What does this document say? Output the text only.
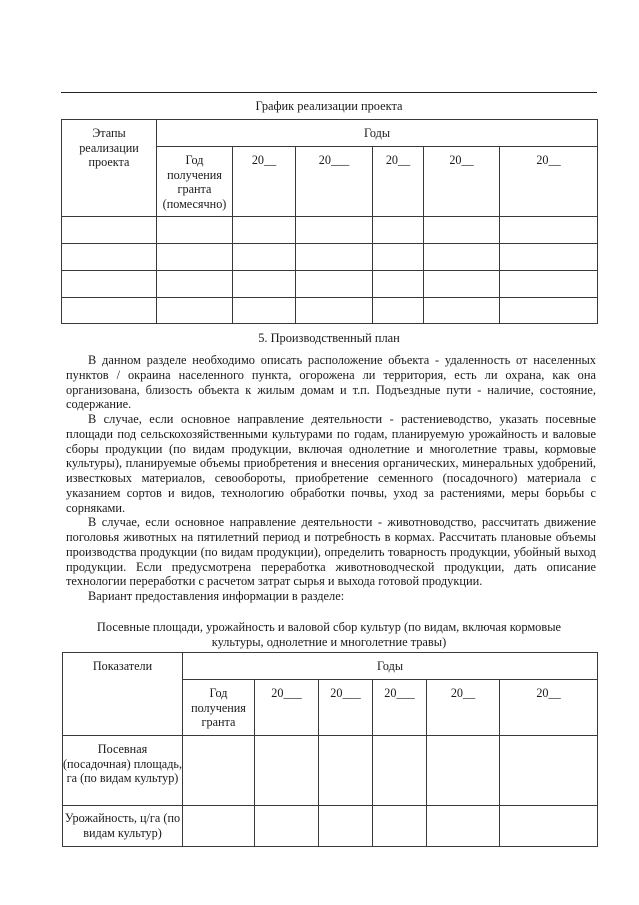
График реализации проекта
Этапы реализации проекта	Годы					
	Год получения гранта (помесячно)	20__	20___	20__	20__	20__

5. Производственный план

В данном разделе необходимо описать расположение объекта - удаленность от населенных пунктов / окраина населенного пункта, огорожена ли территория, есть ли охрана, как она организована, близость объекта к жилым домам и т.п. Подъездные пути - наличие, состояние, содержание.

В случае, если основное направление деятельности - растениеводство, указать посевные площади под сельскохозяйственными культурами по годам, планируемую урожайность и валовые сборы продукции (по видам продукции, включая однолетние и многолетние травы, кормовые культуры), планируемые объемы приобретения и внесения органических, минеральных удобрений, известковых материалов, севообороты, приобретение семенного (посадочного) материала с указанием сортов и видов, технологию обработки почвы, уход за растениями, меры борьбы с сорняками.

В случае, если основное направление деятельности - животноводство, рассчитать движение поголовья животных на пятилетний период и потребность в кормах. Рассчитать плановые объемы производства продукции (по видам продукции), определить товарность продукции, убойный выход продукции. Если предусмотрена переработка животноводческой продукции, дать описание технологии переработки с расчетом затрат сырья и выхода готовой продукции.

Вариант предоставления информации в разделе:

Посевные площади, урожайность и валовой сбор культур (по видам, включая кормовые
культуры, однолетние и многолетние травы)
Показатели	Годы					
	Год получения гранта	20___	20___	20___	20__	20__
Посевная (посадочная) площадь, га (по видам культур)						
Урожайность, ц/га (по видам культур)						
